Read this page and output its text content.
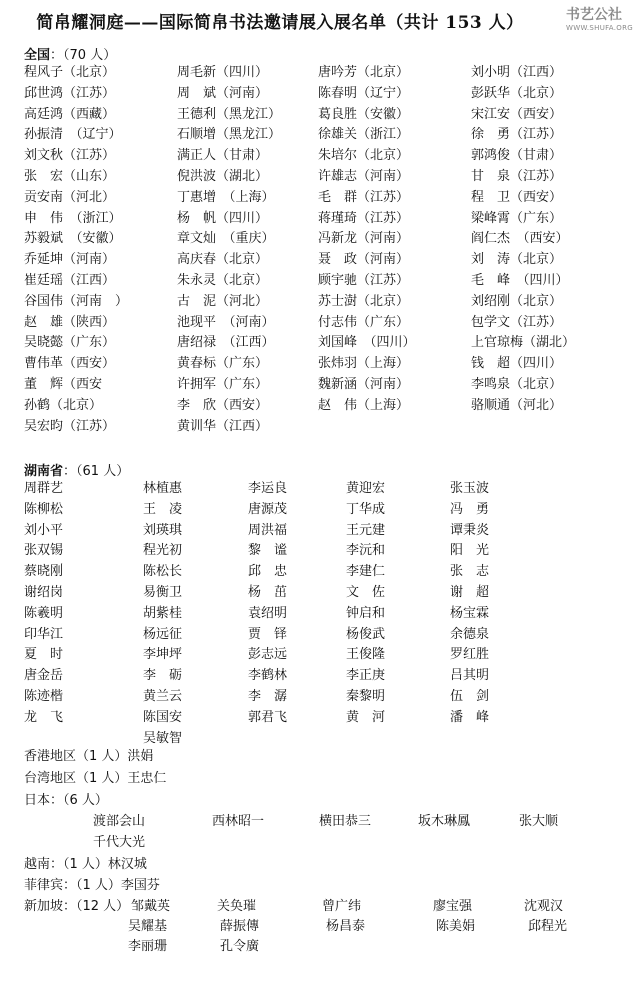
简帛耀洞庭——国际简帛书法邀请展入展名单（共计 153 人）	书艺公社
WWW.SHUFA.ORG
全国：（70 人）
程风子（北京）	周毛新（四川）	唐吟芳（北京）	刘小明（江西）
邱世鸿（江苏）	周　斌（河南）	陈春明（辽宁）	彭跃华（北京）
高廷鸿（西藏）	王德利（黑龙江）	葛良胜（安徽）	宋江安（西安）
孙振清　（辽宁）	石顺增（黑龙江）	徐雄关（浙江）	徐　勇（江苏）
刘文秋（江苏）	满正人（甘肃）	朱培尔（北京）	郭鸿俊（甘肃）
张　宏（山东）	倪洪波（湖北）	许雄志（河南）	甘　泉（江苏）
贡安南（河北）	丁惠增　（上海）	毛　群（江苏）	程　卫（西安）
申　伟　（浙江）	杨　帆（四川）	蒋瑾琦（江苏）	梁峰霄（广东）
苏毅斌　（安徽）	章文灿　（重庆）	冯新龙（河南）	阎仁杰　（西安）
乔延坤（河南）	高庆春（北京）	聂　政（河南）	刘　涛（北京）
崔廷瑶（江西）	朱永灵（北京）	顾宇驰（江苏）	毛　峰　（四川）
谷国伟（河南　）	古　泥（河北）	苏士澍（北京）	刘绍刚（北京）
赵　雄（陕西）	池现平　（河南）	付志伟（广东）	包学文（江苏）
吴晓懿（广东）	唐绍禄　（江西）	刘国峰　（四川）	上官琼梅（湖北）
曹伟革（西安）	黄春标（广东）	张炜羽（上海）	钱　超（四川）
董　辉（西安	许拥军（广东）	魏新涵（河南）	李鸣泉（北京）
孙鹤（北京）	李　欣（西安）	赵　伟（上海）	骆顺通（河北）
吴宏昀（江苏）	黄训华（江西）
湖南省：（61 人）
周群艺	林植惠	李运良	黄迎宏	张玉波
陈柳松	王　凌	唐源茂	丁华成	冯　勇
刘小平	刘瑛琪	周洪福	王元建	谭秉炎
张双锡	程光初	黎　谧	李沅和	阳　光
蔡晓刚	陈松长	邱　忠	李建仁	张　志
谢绍岗	易衡卫	杨　茁	文　佐	谢　超
陈羲明	胡紫桂	袁绍明	钟启和	杨宝霖
印华江	杨远征	贾　铎	杨俊武	余德泉
夏　时	李坤坪	彭志远	王俊隆	罗红胜
唐金岳	李　砺	李鹤林	李正庚	吕其明
陈迹楷	黄兰云	李　潺	秦黎明	伍　剑
龙　飞	陈国安	郭君飞	黄　河	潘　峰
吴敏智
香港地区（1 人）洪娟
台湾地区（1 人）王忠仁
日本：（6 人）
渡部会山	西林昭一	横田恭三	坂木琳鳳	张大顺
千代大光
越南：（1 人）林汉城
菲律宾：（1 人）李国芬
新加坡：（12 人） 邹戴英	关奂璀	曾广纬	廖宝强	沈观汉
吴耀基	薛振傳	杨昌泰	陈美娟	邱程光
李丽珊	孔令廣
